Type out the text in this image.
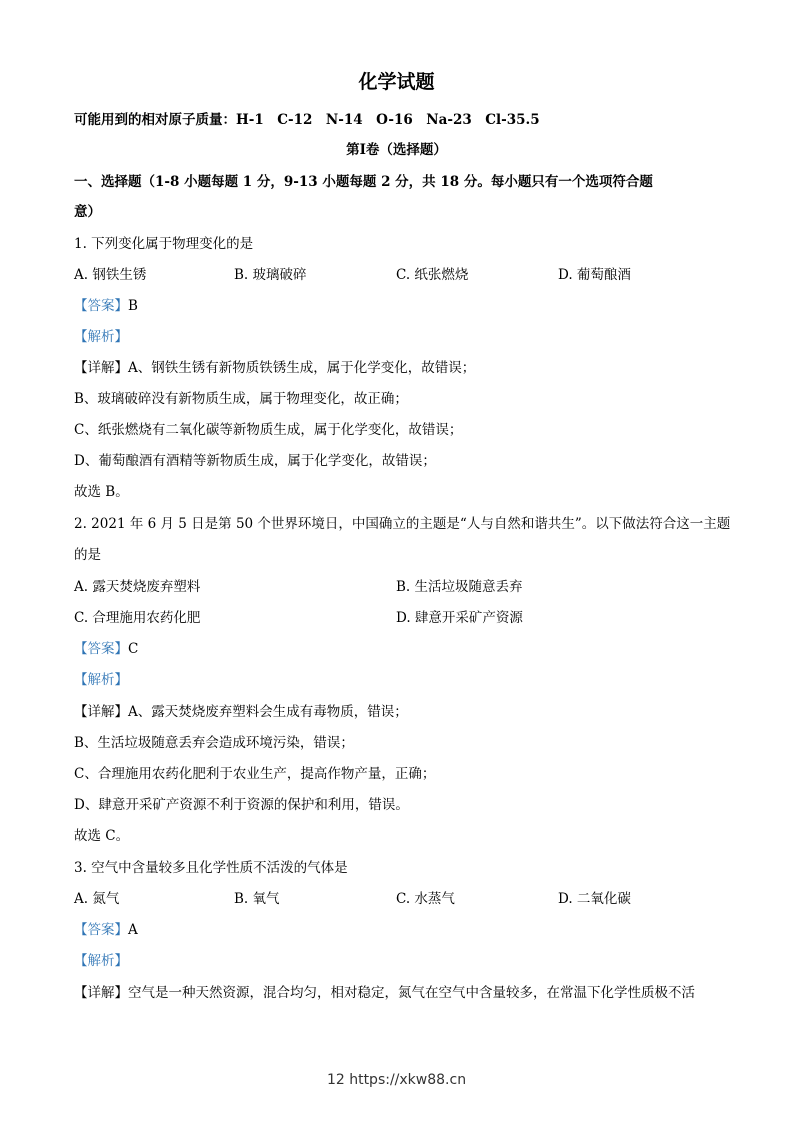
化学试题
可能用到的相对原子质量：H-1　C-12　N-14　O-16　Na-23　Cl-35.5
第Ⅰ卷（选择题）
一、选择题（1-8 小题每题 1 分，9-13 小题每题 2 分，共 18 分。每小题只有一个选项符合题
意）
1. 下列变化属于物理变化的是
A. 钢铁生锈	B. 玻璃破碎	C. 纸张燃烧	D. 葡萄酿酒
【答案】B
【解析】
【详解】A、钢铁生锈有新物质铁锈生成，属于化学变化，故错误；
B、玻璃破碎没有新物质生成，属于物理变化，故正确；
C、纸张燃烧有二氧化碳等新物质生成，属于化学变化，故错误；
D、葡萄酿酒有酒精等新物质生成，属于化学变化，故错误；
故选 B。
2. 2021 年 6 月 5 日是第 50 个世界环境日，中国确立的主题是“人与自然和谐共生”。以下做法符合这一主题
的是
A. 露天焚烧废弃塑料	B. 生活垃圾随意丢弃
C. 合理施用农药化肥	D. 肆意开采矿产资源
【答案】C
【解析】
【详解】A、露天焚烧废弃塑料会生成有毒物质，错误；
B、生活垃圾随意丢弃会造成环境污染，错误；
C、合理施用农药化肥利于农业生产，提高作物产量，正确；
D、肆意开采矿产资源不利于资源的保护和利用，错误。
故选 C。
3. 空气中含量较多且化学性质不活泼的气体是
A. 氮气	B. 氧气	C. 水蒸气	D. 二氧化碳
【答案】A
【解析】
【详解】空气是一种天然资源，混合均匀，相对稳定，氮气在空气中含量较多，在常温下化学性质极不活
12 https://xkw88.cn
